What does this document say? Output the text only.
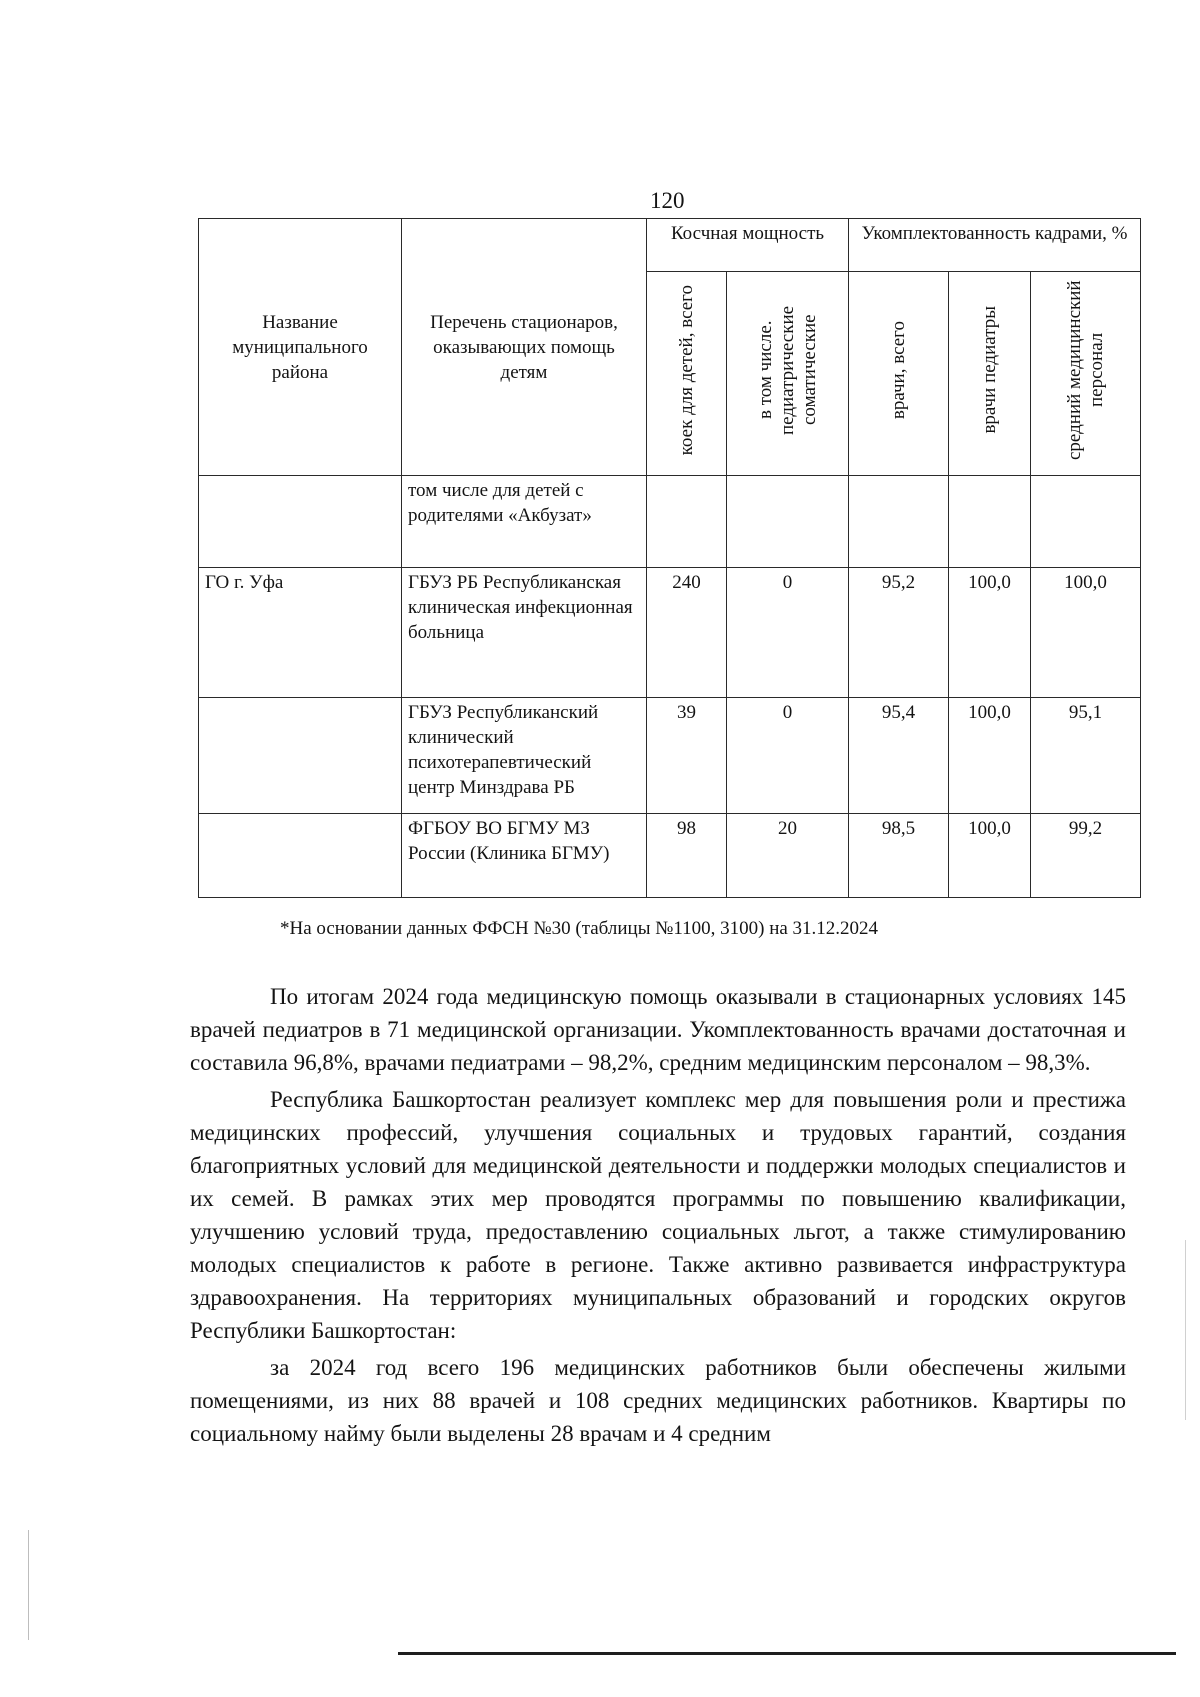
120
Название муниципального района	Перечень стационаров, оказывающих помощь детям	Косчная мощность		Укомплектованность кадрами, %		
		коек для детей, всего	в том числе. педиатрические соматические	врачи, всего	врачи педиатры	средний медицинский персонал
	том числе для детей с родителями «Акбузат»					
ГО г. Уфа	ГБУЗ РБ Республиканская клиническая инфекционная больница	240	0	95,2	100,0	100,0
	ГБУЗ Республиканский клинический психотерапевтический центр Минздрава РБ	39	0	95,4	100,0	95,1
	ФГБОУ ВО БГМУ МЗ России (Клиника БГМУ)	98	20	98,5	100,0	99,2
*На основании данных ФФСН №30 (таблицы №1100, 3100) на 31.12.2024

По итогам 2024 года медицинскую помощь оказывали в стационарных условиях 145 врачей педиатров в 71 медицинской организации. Укомплектованность врачами достаточная и составила 96,8%, врачами педиатрами – 98,2%, средним медицинским персоналом – 98,3%.

Республика Башкортостан реализует комплекс мер для повышения роли и престижа медицинских профессий, улучшения социальных и трудовых гарантий, создания благоприятных условий для медицинской деятельности и поддержки молодых специалистов и их семей. В рамках этих мер проводятся программы по повышению квалификации, улучшению условий труда, предоставлению социальных льгот, а также стимулированию молодых специалистов к работе в регионе. Также активно развивается инфраструктура здравоохранения. На территориях муниципальных образований и городских округов Республики Башкортостан:

за 2024 год всего 196 медицинских работников были обеспечены жилыми помещениями, из них 88 врачей и 108 средних медицинских работников. Квартиры по социальному найму были выделены 28 врачам и 4 средним
